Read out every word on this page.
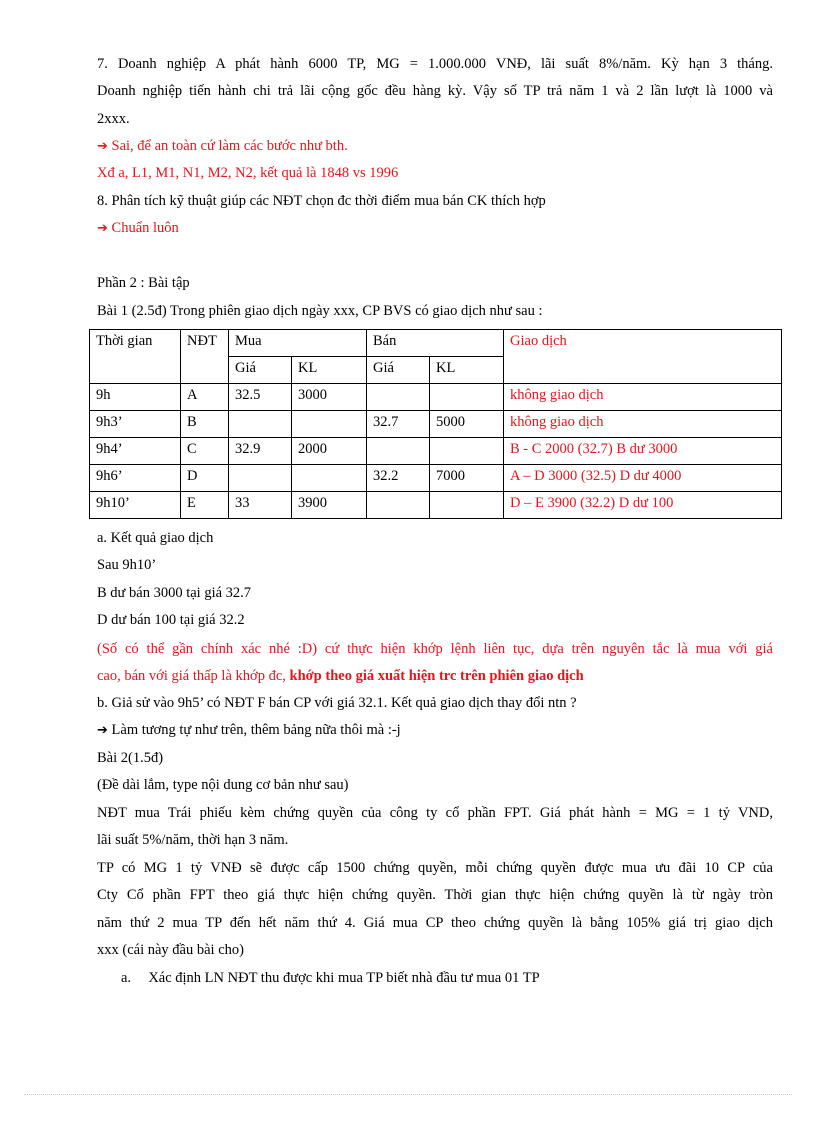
7. Doanh nghiệp A phát hành 6000 TP, MG = 1.000.000 VNĐ, lãi suất 8%/năm. Kỳ hạn 3 tháng.
Doanh nghiệp tiến hành chi trả lãi cộng gốc đều hàng kỳ. Vậy số TP trả năm 1 và 2 lần lượt là 1000 và
2xxx.
➔ Sai, để an toàn cứ làm các bước như bth.
Xđ a, L1, M1, N1, M2, N2, kết quả là 1848 vs 1996
8. Phân tích kỹ thuật giúp các NĐT chọn đc thời điểm mua bán CK thích hợp
➔ Chuẩn luôn
Phần 2 : Bài tập
Bài 1 (2.5đ) Trong phiên giao dịch ngày xxx, CP BVS có giao dịch như sau :
Thời gian	NĐT	Mua		Bán		Giao dịch
		Giá	KL	Giá	KL	
9h	A	32.5	3000			không giao dịch
9h3’	B			32.7	5000	không giao dịch
9h4’	C	32.9	2000			B - C 2000 (32.7) B dư 3000
9h6’	D			32.2	7000	A – D 3000 (32.5) D dư 4000
9h10’	E	33	3900			D – E 3900 (32.2) D dư 100
a. Kết quả giao dịch
Sau 9h10’
B dư bán 3000 tại giá 32.7
D dư bán 100 tại giá 32.2
(Số có thể gần chính xác nhé :D) cứ thực hiện khớp lệnh liên tục, dựa trên nguyên tắc là mua với giá
cao, bán với giá thấp là khớp đc, khớp theo giá xuất hiện trc trên phiên giao dịch
b. Giả sử vào 9h5’ có NĐT F bán CP với giá 32.1. Kết quả giao dịch thay đổi ntn ?
➔ Làm tương tự như trên, thêm bảng nữa thôi mà :-j
Bài 2(1.5đ)
(Đề dài lắm, type nội dung cơ bản như sau)
NĐT mua Trái phiếu kèm chứng quyền của công ty cổ phần FPT. Giá phát hành = MG = 1 tỷ VND,
lãi suất 5%/năm, thời hạn 3 năm.
TP có MG 1 tỷ VNĐ sẽ được cấp 1500 chứng quyền, mỗi chứng quyền được mua ưu đãi 10 CP của
Cty Cổ phần FPT theo giá thực hiện chứng quyền. Thời gian thực hiện chứng quyền là từ ngày tròn
năm thứ 2 mua TP đến hết năm thứ 4. Giá mua CP theo chứng quyền là bằng 105% giá trị giao dịch
xxx (cái này đầu bài cho)
a. Xác định LN NĐT thu được khi mua TP biết nhà đầu tư mua 01 TP
